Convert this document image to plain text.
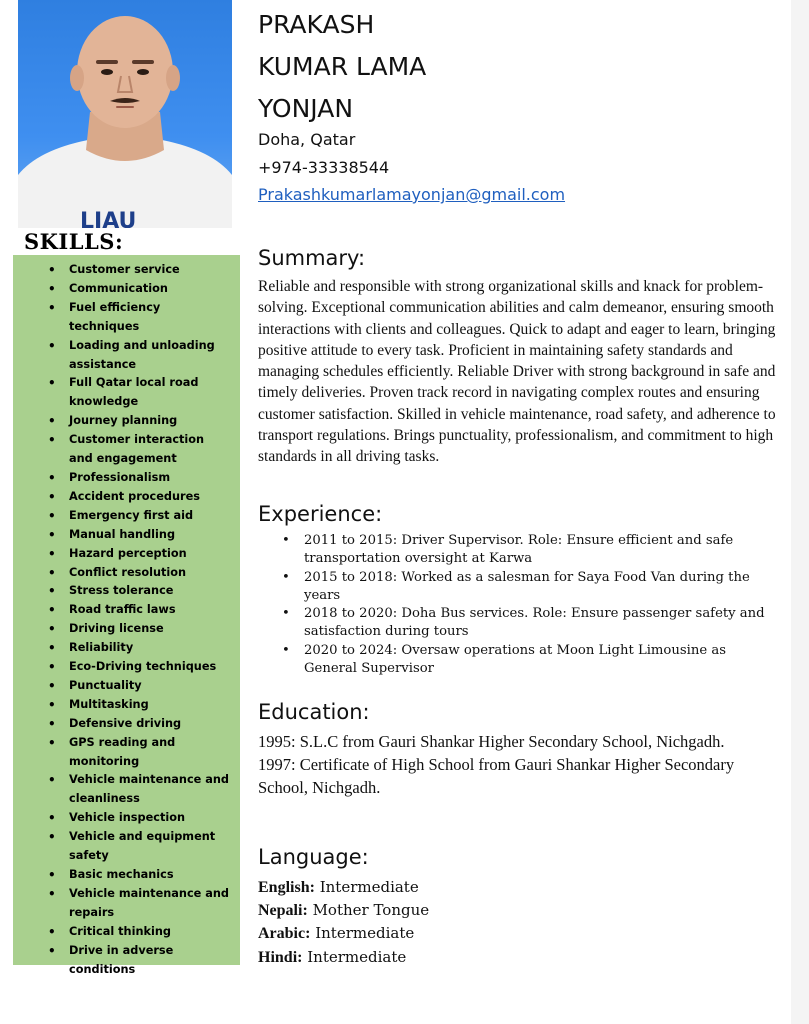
LIAU
SKILLS:
• Customer service
• Communication
• Fuel efficiency techniques
• Loading and unloading assistance
• Full Qatar local road knowledge
• Journey planning
• Customer interaction and engagement
• Professionalism
• Accident procedures
• Emergency first aid
• Manual handling
• Hazard perception
• Conflict resolution
• Stress tolerance
• Road traffic laws
• Driving license
• Reliability
• Eco-Driving techniques
• Punctuality
• Multitasking
• Defensive driving
• GPS reading and monitoring
• Vehicle maintenance and cleanliness
• Vehicle inspection
• Vehicle and equipment safety
• Basic mechanics
• Vehicle maintenance and repairs
• Critical thinking
• Drive in adverse conditions
PRAKASH
KUMAR LAMA
YONJAN
Doha, Qatar
+974-33338544
Prakashkumarlamayonjan@gmail.com
Summary:
Reliable and responsible with strong organizational skills and knack for problem-solving. Exceptional communication abilities and calm demeanor, ensuring smooth interactions with clients and colleagues. Quick to adapt and eager to learn, bringing positive attitude to every task. Proficient in maintaining safety standards and managing schedules efficiently. Reliable Driver with strong background in safe and timely deliveries. Proven track record in navigating complex routes and ensuring customer satisfaction. Skilled in vehicle maintenance, road safety, and adherence to transport regulations. Brings punctuality, professionalism, and commitment to high standards in all driving tasks.
Experience:
• 2011 to 2015: Driver Supervisor. Role: Ensure efficient and safe transportation oversight at Karwa
• 2015 to 2018: Worked as a salesman for Saya Food Van during the years
• 2018 to 2020: Doha Bus services. Role: Ensure passenger safety and satisfaction during tours
• 2020 to 2024: Oversaw operations at Moon Light Limousine as General Supervisor
Education:
1995: S.L.C from Gauri Shankar Higher Secondary School, Nichgadh.
1997: Certificate of High School from Gauri Shankar Higher Secondary School, Nichgadh.
Language:
English: Intermediate
Nepali: Mother Tongue
Arabic: Intermediate
Hindi: Intermediate
